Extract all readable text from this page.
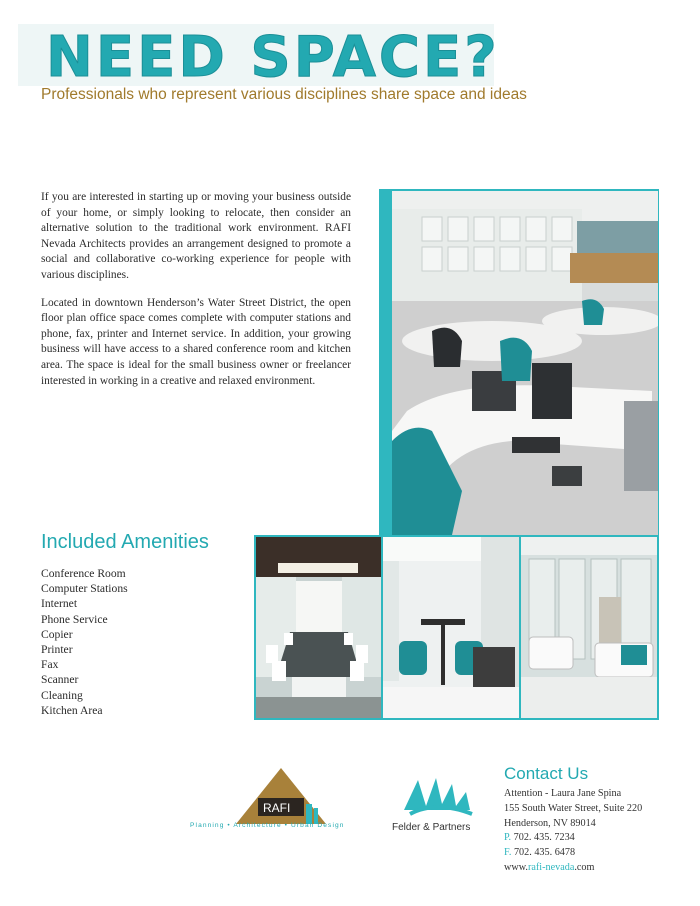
NEED SPACE?
Professionals who represent various disciplines share space and ideas

If you are interested in starting up or moving your business outside of your home, or simply looking to relocate, then consider an alternative solution to the traditional work environment. RAFI Nevada Architects provides an arrangement designed to promote a social and collaborative co-working experience for people with various disciplines.

Located in downtown Henderson’s Water Street District, the open floor plan office space comes complete with computer stations and phone, fax, printer and Internet service. In addition, your growing business will have access to a shared conference room and kitchen area. The space is ideal for the small business owner or freelancer interested in working in a creative and relaxed environment.

Included Amenities
Conference Room
Computer Stations
Internet
Phone Service
Copier
Printer
Fax
Scanner
Cleaning
Kitchen Area
RAFI
Planning • Architecture • Urban Design	Felder & Partners
Contact Us
Attention - Laura Jane Spina
155 South Water Street, Suite 220
Henderson, NV 89014
P. 702. 435. 7234
F. 702. 435. 6478
www.rafi-nevada.com
